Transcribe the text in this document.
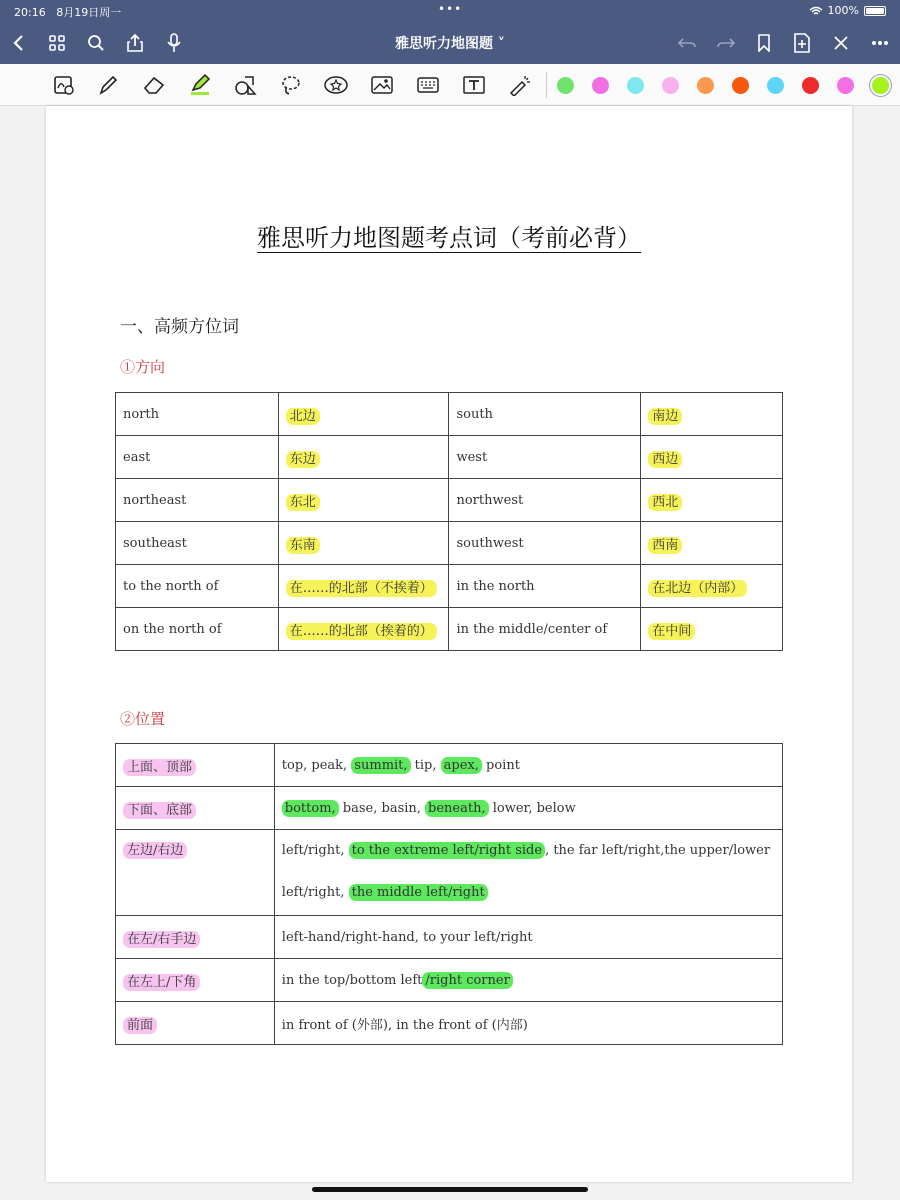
20:16 8月19日周一	•••	100%
雅思听力地图题 ˅
雅思听力地图题考点词（考前必背）
一、高频方位词
①方向
north	北边	south	南边
east	东边	west	西边
northeast	东北	northwest	西北
southeast	东南	southwest	西南
to the north of	在……的北部（不挨着）	in the north	在北边（内部）
on the north of	在……的北部（挨着的）	in the middle/center of	在中间
②位置
上面、顶部	top, peak, summit, tip, apex, point
下面、底部	bottom, base, basin, beneath, lower, below
左边/右边	left/right, to the extreme left/right side , the far left/right,the upper/lower left/right, the middle left/right
在左/右手边	left-hand/right-hand, to your left/right
在左上/下角	in the top/bottom left /right corner
前面	in front of (外部), in the front of (内部)
